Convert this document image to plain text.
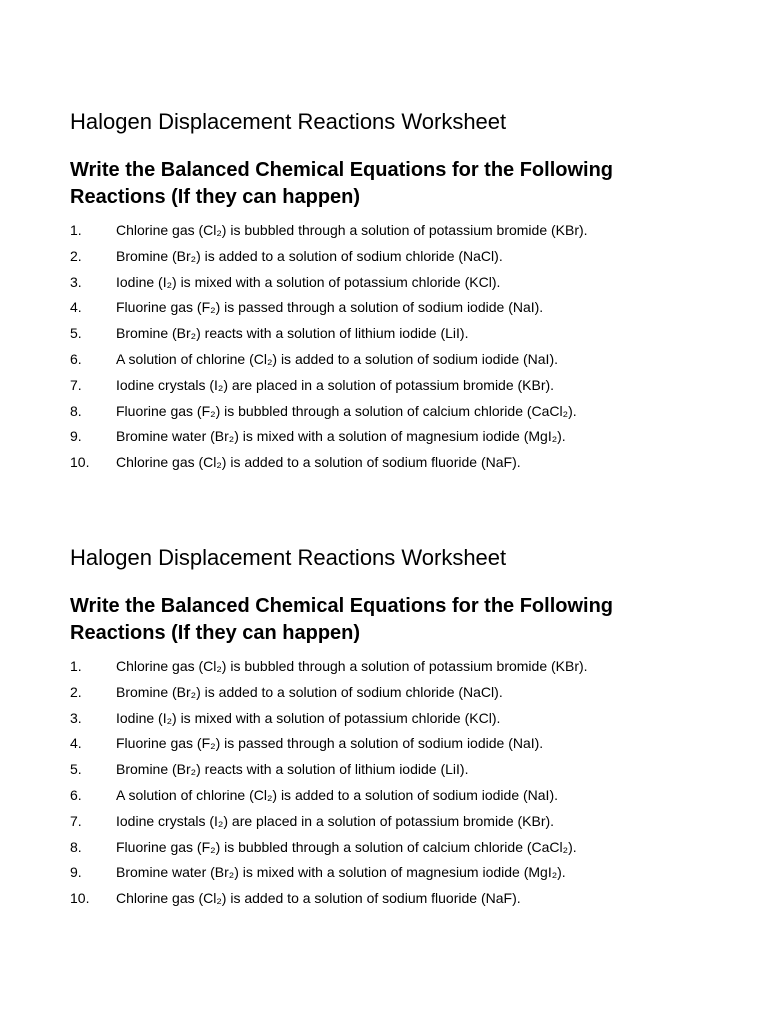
Halogen Displacement Reactions Worksheet
Write the Balanced Chemical Equations for the Following Reactions (If they can happen)
1.	Chlorine gas (Cl₂) is bubbled through a solution of potassium bromide (KBr).
2.	Bromine (Br₂) is added to a solution of sodium chloride (NaCl).
3.	Iodine (I₂) is mixed with a solution of potassium chloride (KCl).
4.	Fluorine gas (F₂) is passed through a solution of sodium iodide (NaI).
5.	Bromine (Br₂) reacts with a solution of lithium iodide (LiI).
6.	A solution of chlorine (Cl₂) is added to a solution of sodium iodide (NaI).
7.	Iodine crystals (I₂) are placed in a solution of potassium bromide (KBr).
8.	Fluorine gas (F₂) is bubbled through a solution of calcium chloride (CaCl₂).
9.	Bromine water (Br₂) is mixed with a solution of magnesium iodide (MgI₂).
10.	Chlorine gas (Cl₂) is added to a solution of sodium fluoride (NaF).
Halogen Displacement Reactions Worksheet
Write the Balanced Chemical Equations for the Following Reactions (If they can happen)
1.	Chlorine gas (Cl₂) is bubbled through a solution of potassium bromide (KBr).
2.	Bromine (Br₂) is added to a solution of sodium chloride (NaCl).
3.	Iodine (I₂) is mixed with a solution of potassium chloride (KCl).
4.	Fluorine gas (F₂) is passed through a solution of sodium iodide (NaI).
5.	Bromine (Br₂) reacts with a solution of lithium iodide (LiI).
6.	A solution of chlorine (Cl₂) is added to a solution of sodium iodide (NaI).
7.	Iodine crystals (I₂) are placed in a solution of potassium bromide (KBr).
8.	Fluorine gas (F₂) is bubbled through a solution of calcium chloride (CaCl₂).
9.	Bromine water (Br₂) is mixed with a solution of magnesium iodide (MgI₂).
10.	Chlorine gas (Cl₂) is added to a solution of sodium fluoride (NaF).
